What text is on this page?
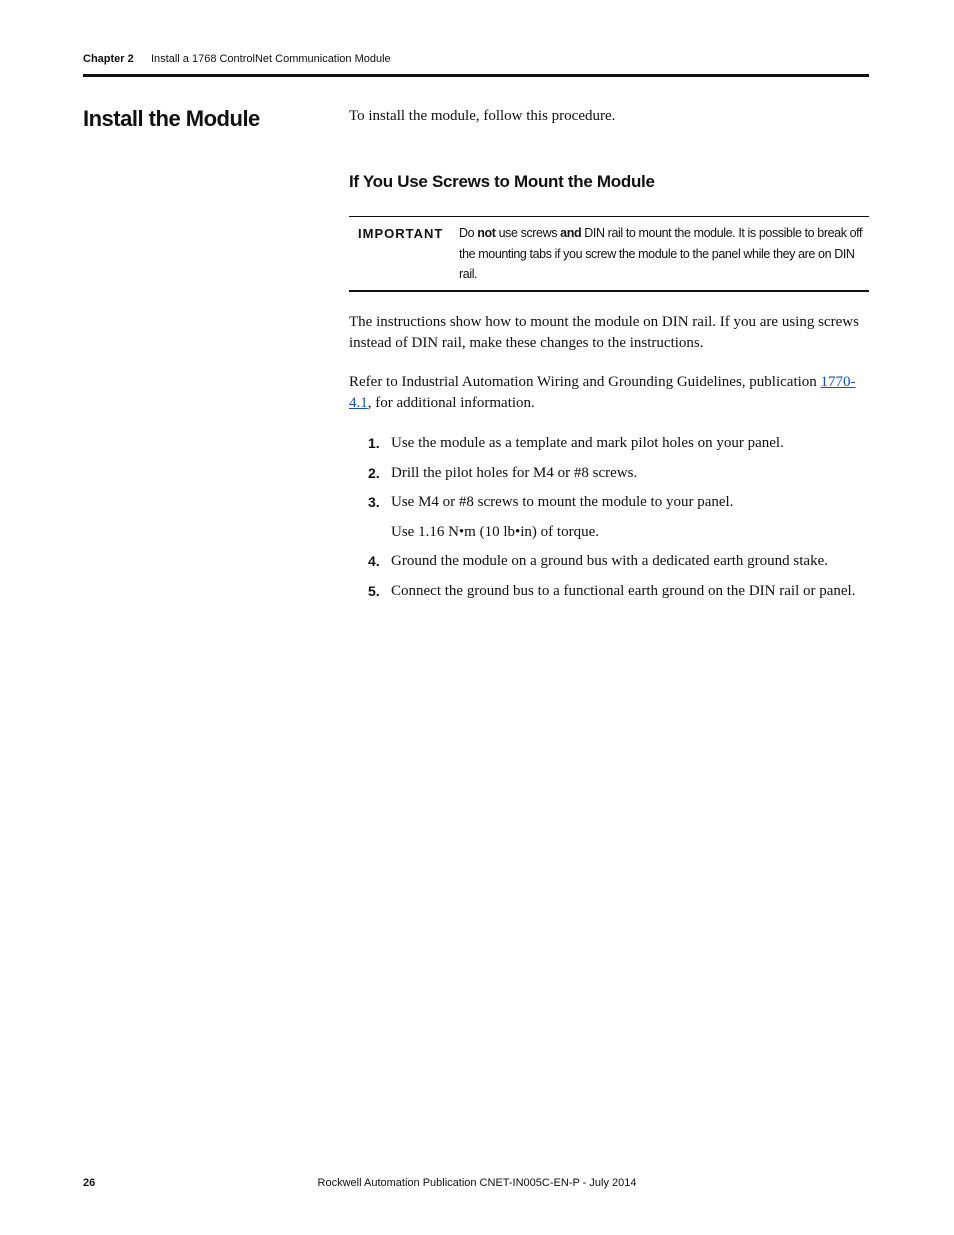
Chapter 2 Install a 1768 ControlNet Communication Module
Install the Module	To install the module, follow this procedure.

If You Use Screws to Mount the Module
IMPORTANT Do not use screws and DIN rail to mount the module. It is possible to break off the mounting tabs if you screw the module to the panel while they are on DIN rail.

The instructions show how to mount the module on DIN rail. If you are using screws instead of DIN rail, make these changes to the instructions.

Refer to Industrial Automation Wiring and Grounding Guidelines, publication 1770-4.1, for additional information.

1. Use the module as a template and mark pilot holes on your panel.
2. Drill the pilot holes for M4 or #8 screws.
3. Use M4 or #8 screws to mount the module to your panel.
Use 1.16 N•m (10 lb•in) of torque.
4. Ground the module on a ground bus with a dedicated earth ground stake.
5. Connect the ground bus to a functional earth ground on the DIN rail or panel.
26	Rockwell Automation Publication CNET-IN005C-EN-P - July 2014
